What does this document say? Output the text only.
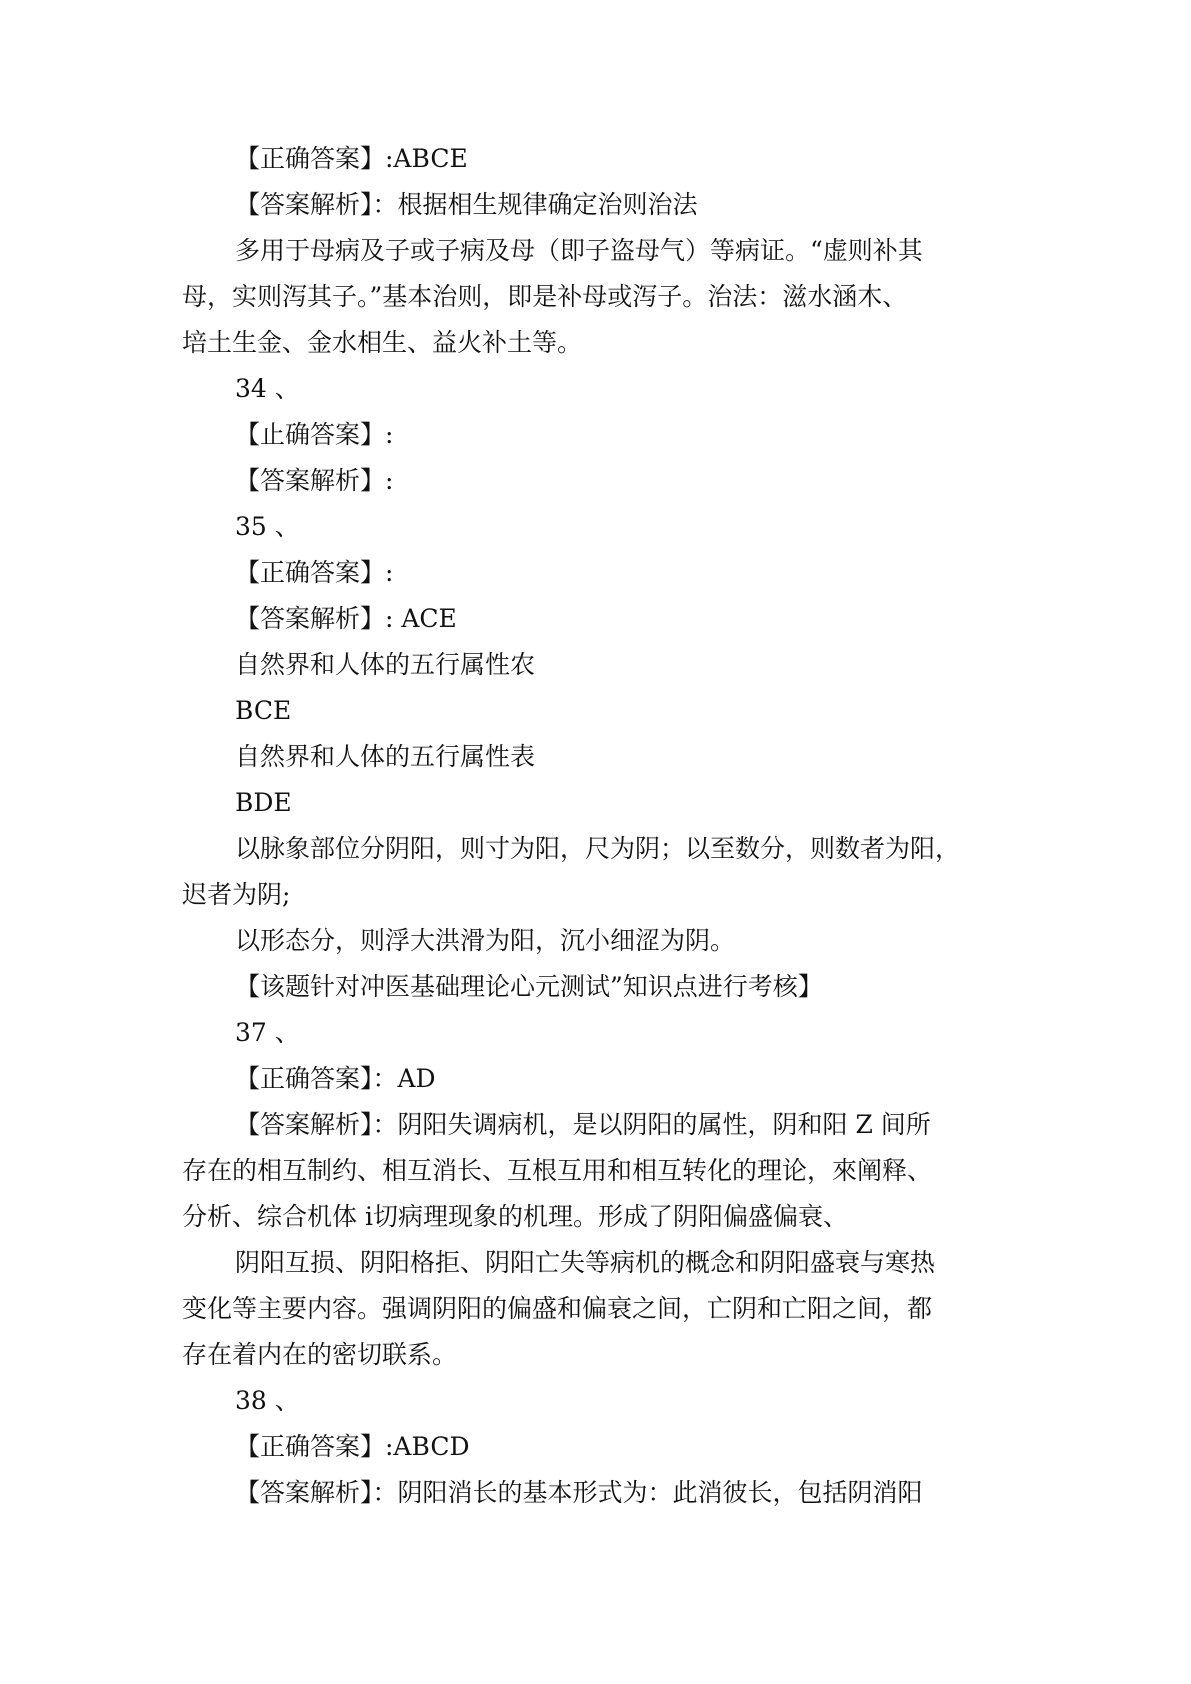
【正确答案】:ABCE
【答案解析】：根据相生规律确定治则治法
多用于母病及子或子病及母（即子盗母气）等病证。“虚则补其
母，实则泻其子。”基本治则，即是补母或泻子。治法：滋水涵木、
培土生金、金水相生、益火补土等。
34 、
【止确答案】:
【答案解析】:
35 、
【正确答案】:
【答案解析】: ACE
自然界和人体的五行属性农
BCE
自然界和人体的五行属性表
BDE
以脉象部位分阴阳，则寸为阳，尺为阴；以至数分，则数者为阳，
迟者为阴;
以形态分，则浮大洪滑为阳，沉小细涩为阴。
【该题针对冲医基础理论心元测试”知识点进行考核】
37 、
【正确答案】：AD
【答案解析】：阴阳失调病机，是以阴阳的属性，阴和阳 Z 间所
存在的相互制约、相互消长、互根互用和相互转化的理论，來阐释、
分析、综合机体 i切病理现象的机理。形成了阴阳偏盛偏衰、
阴阳互损、阴阳格拒、阴阳亡失等病机的概念和阴阳盛衰与寒热
变化等主要内容。强调阴阳的偏盛和偏衰之间，亡阴和亡阳之间，都
存在着内在的密切联系。
38 、
【正确答案】:ABCD
【答案解析】：阴阳消长的基本形式为：此消彼长，包括阴消阳
